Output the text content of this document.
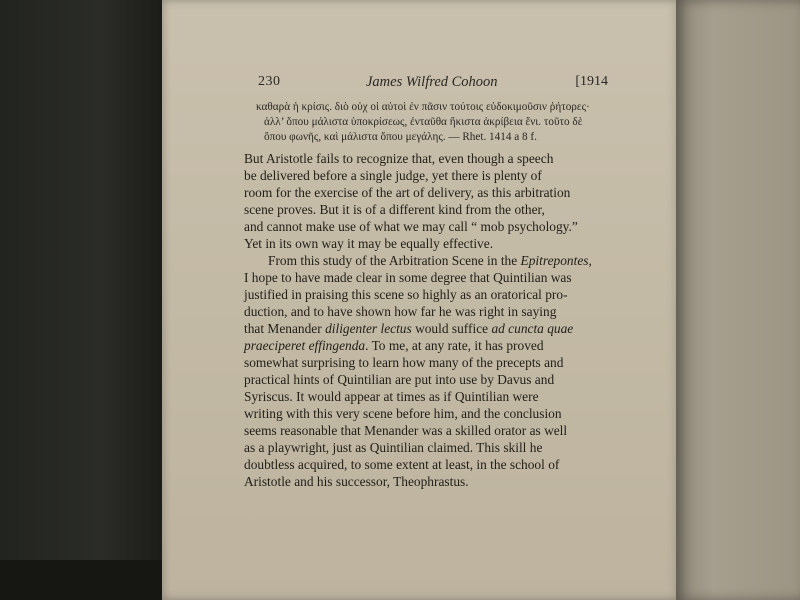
230	James Wilfred Cohoon	[1914
καθαρὰ ἡ κρίσις. διὸ οὐχ οἱ αὐτοὶ ἐν πᾶσιν τούτοις εὐδοκιμοῦσιν ῥήτορες·
ἀλλ’ ὅπου μάλιστα ὑποκρίσεως, ἐνταῦθα ἥκιστα ἀκρίβεια ἔνι. τοῦτο δὲ
ὅπου φωνῆς, καὶ μάλιστα ὅπου μεγάλης. — Rhet. 1414 a 8 f.
But Aristotle fails to recognize that, even though a speech
be delivered before a single judge, yet there is plenty of
room for the exercise of the art of delivery, as this arbitration
scene proves. But it is of a different kind from the other,
and cannot make use of what we may call “ mob psychology.”
Yet in its own way it may be equally effective.
From this study of the Arbitration Scene in the Epitrepontes,
I hope to have made clear in some degree that Quintilian was
justified in praising this scene so highly as an oratorical pro-
duction, and to have shown how far he was right in saying
that Menander diligenter lectus would suffice ad cuncta quae
praeciperet effingenda. To me, at any rate, it has proved
somewhat surprising to learn how many of the precepts and
practical hints of Quintilian are put into use by Davus and
Syriscus. It would appear at times as if Quintilian were
writing with this very scene before him, and the conclusion
seems reasonable that Menander was a skilled orator as well
as a playwright, just as Quintilian claimed. This skill he
doubtless acquired, to some extent at least, in the school of
Aristotle and his successor, Theophrastus.
